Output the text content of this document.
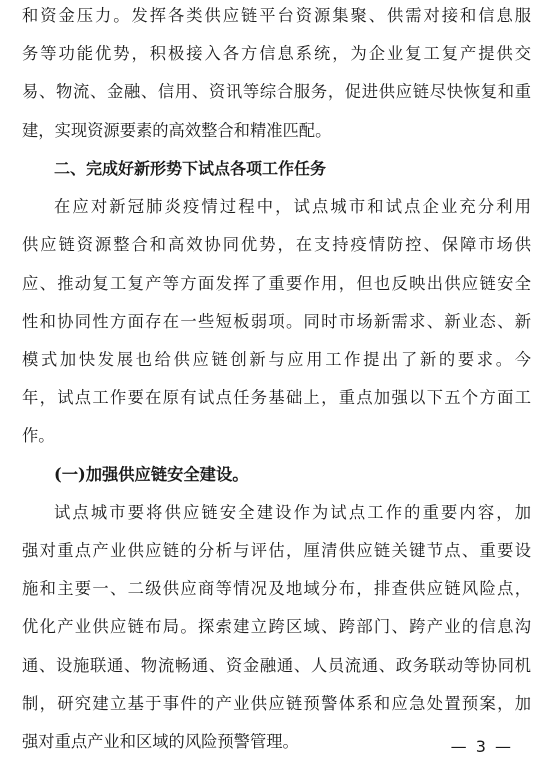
和资金压力。发挥各类供应链平台资源集聚、供需对接和信息服
务等功能优势，积极接入各方信息系统，为企业复工复产提供交
易、物流、金融、信用、资讯等综合服务，促进供应链尽快恢复和重
建，实现资源要素的高效整合和精准匹配。
二、完成好新形势下试点各项工作任务
在应对新冠肺炎疫情过程中，试点城市和试点企业充分利用
供应链资源整合和高效协同优势，在支持疫情防控、保障市场供
应、推动复工复产等方面发挥了重要作用，但也反映出供应链安全
性和协同性方面存在一些短板弱项。同时市场新需求、新业态、新
模式加快发展也给供应链创新与应用工作提出了新的要求。今
年，试点工作要在原有试点任务基础上，重点加强以下五个方面工
作。
(一)加强供应链安全建设。
试点城市要将供应链安全建设作为试点工作的重要内容，加
强对重点产业供应链的分析与评估，厘清供应链关键节点、重要设
施和主要一、二级供应商等情况及地域分布，排查供应链风险点，
优化产业供应链布局。探索建立跨区域、跨部门、跨产业的信息沟
通、设施联通、物流畅通、资金融通、人员流通、政务联动等协同机
制，研究建立基于事件的产业供应链预警体系和应急处置预案，加
强对重点产业和区域的风险预警管理。	— 3 —
